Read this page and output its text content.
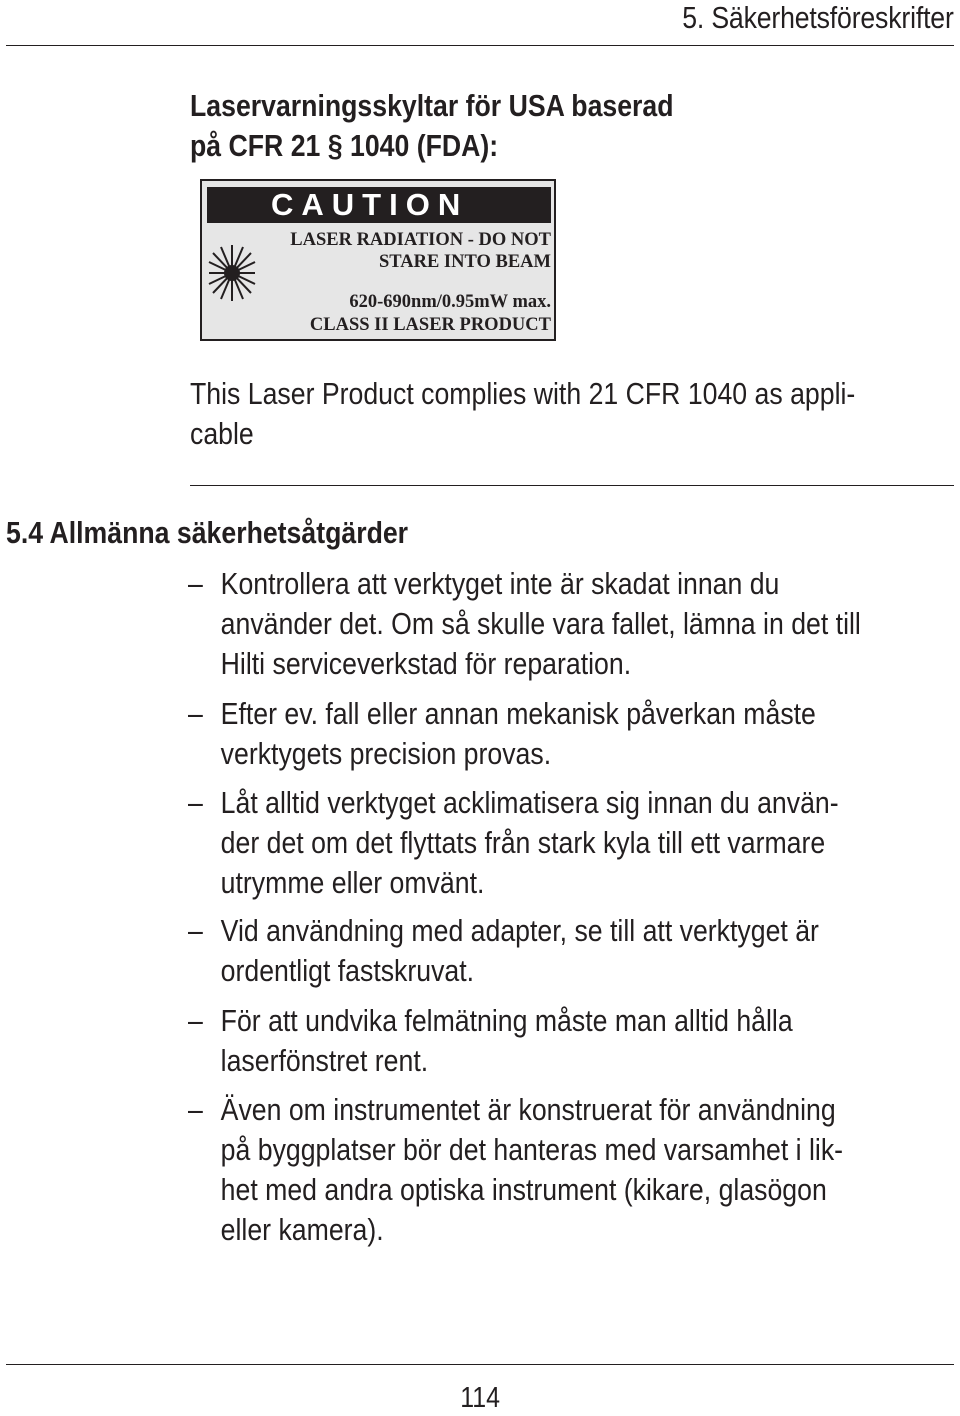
5. Säkerhetsföreskrifter
Laservarningsskyltar för USA baserad
på CFR 21 § 1040 (FDA):
CAUTION
LASER RADIATION - DO NOT
STARE INTO BEAM
620-690nm/0.95mW max.
CLASS II LASER PRODUCT
This Laser Product complies with 21 CFR 1040 as appli-
cable
5.4 Allmänna säkerhetsåtgärder
– Kontrollera att verktyget inte är skadat innan du
använder det. Om så skulle vara fallet, lämna in det till
Hilti serviceverkstad för reparation.
– Efter ev. fall eller annan mekanisk påverkan måste
verktygets precision provas.
– Låt alltid verktyget acklimatisera sig innan du använ-
der det om det flyttats från stark kyla till ett varmare
utrymme eller omvänt.
– Vid användning med adapter, se till att verktyget är
ordentligt fastskruvat.
– För att undvika felmätning måste man alltid hålla
laserfönstret rent.
– Även om instrumentet är konstruerat för användning
på byggplatser bör det hanteras med varsamhet i lik-
het med andra optiska instrument (kikare, glasögon
eller kamera).
114
